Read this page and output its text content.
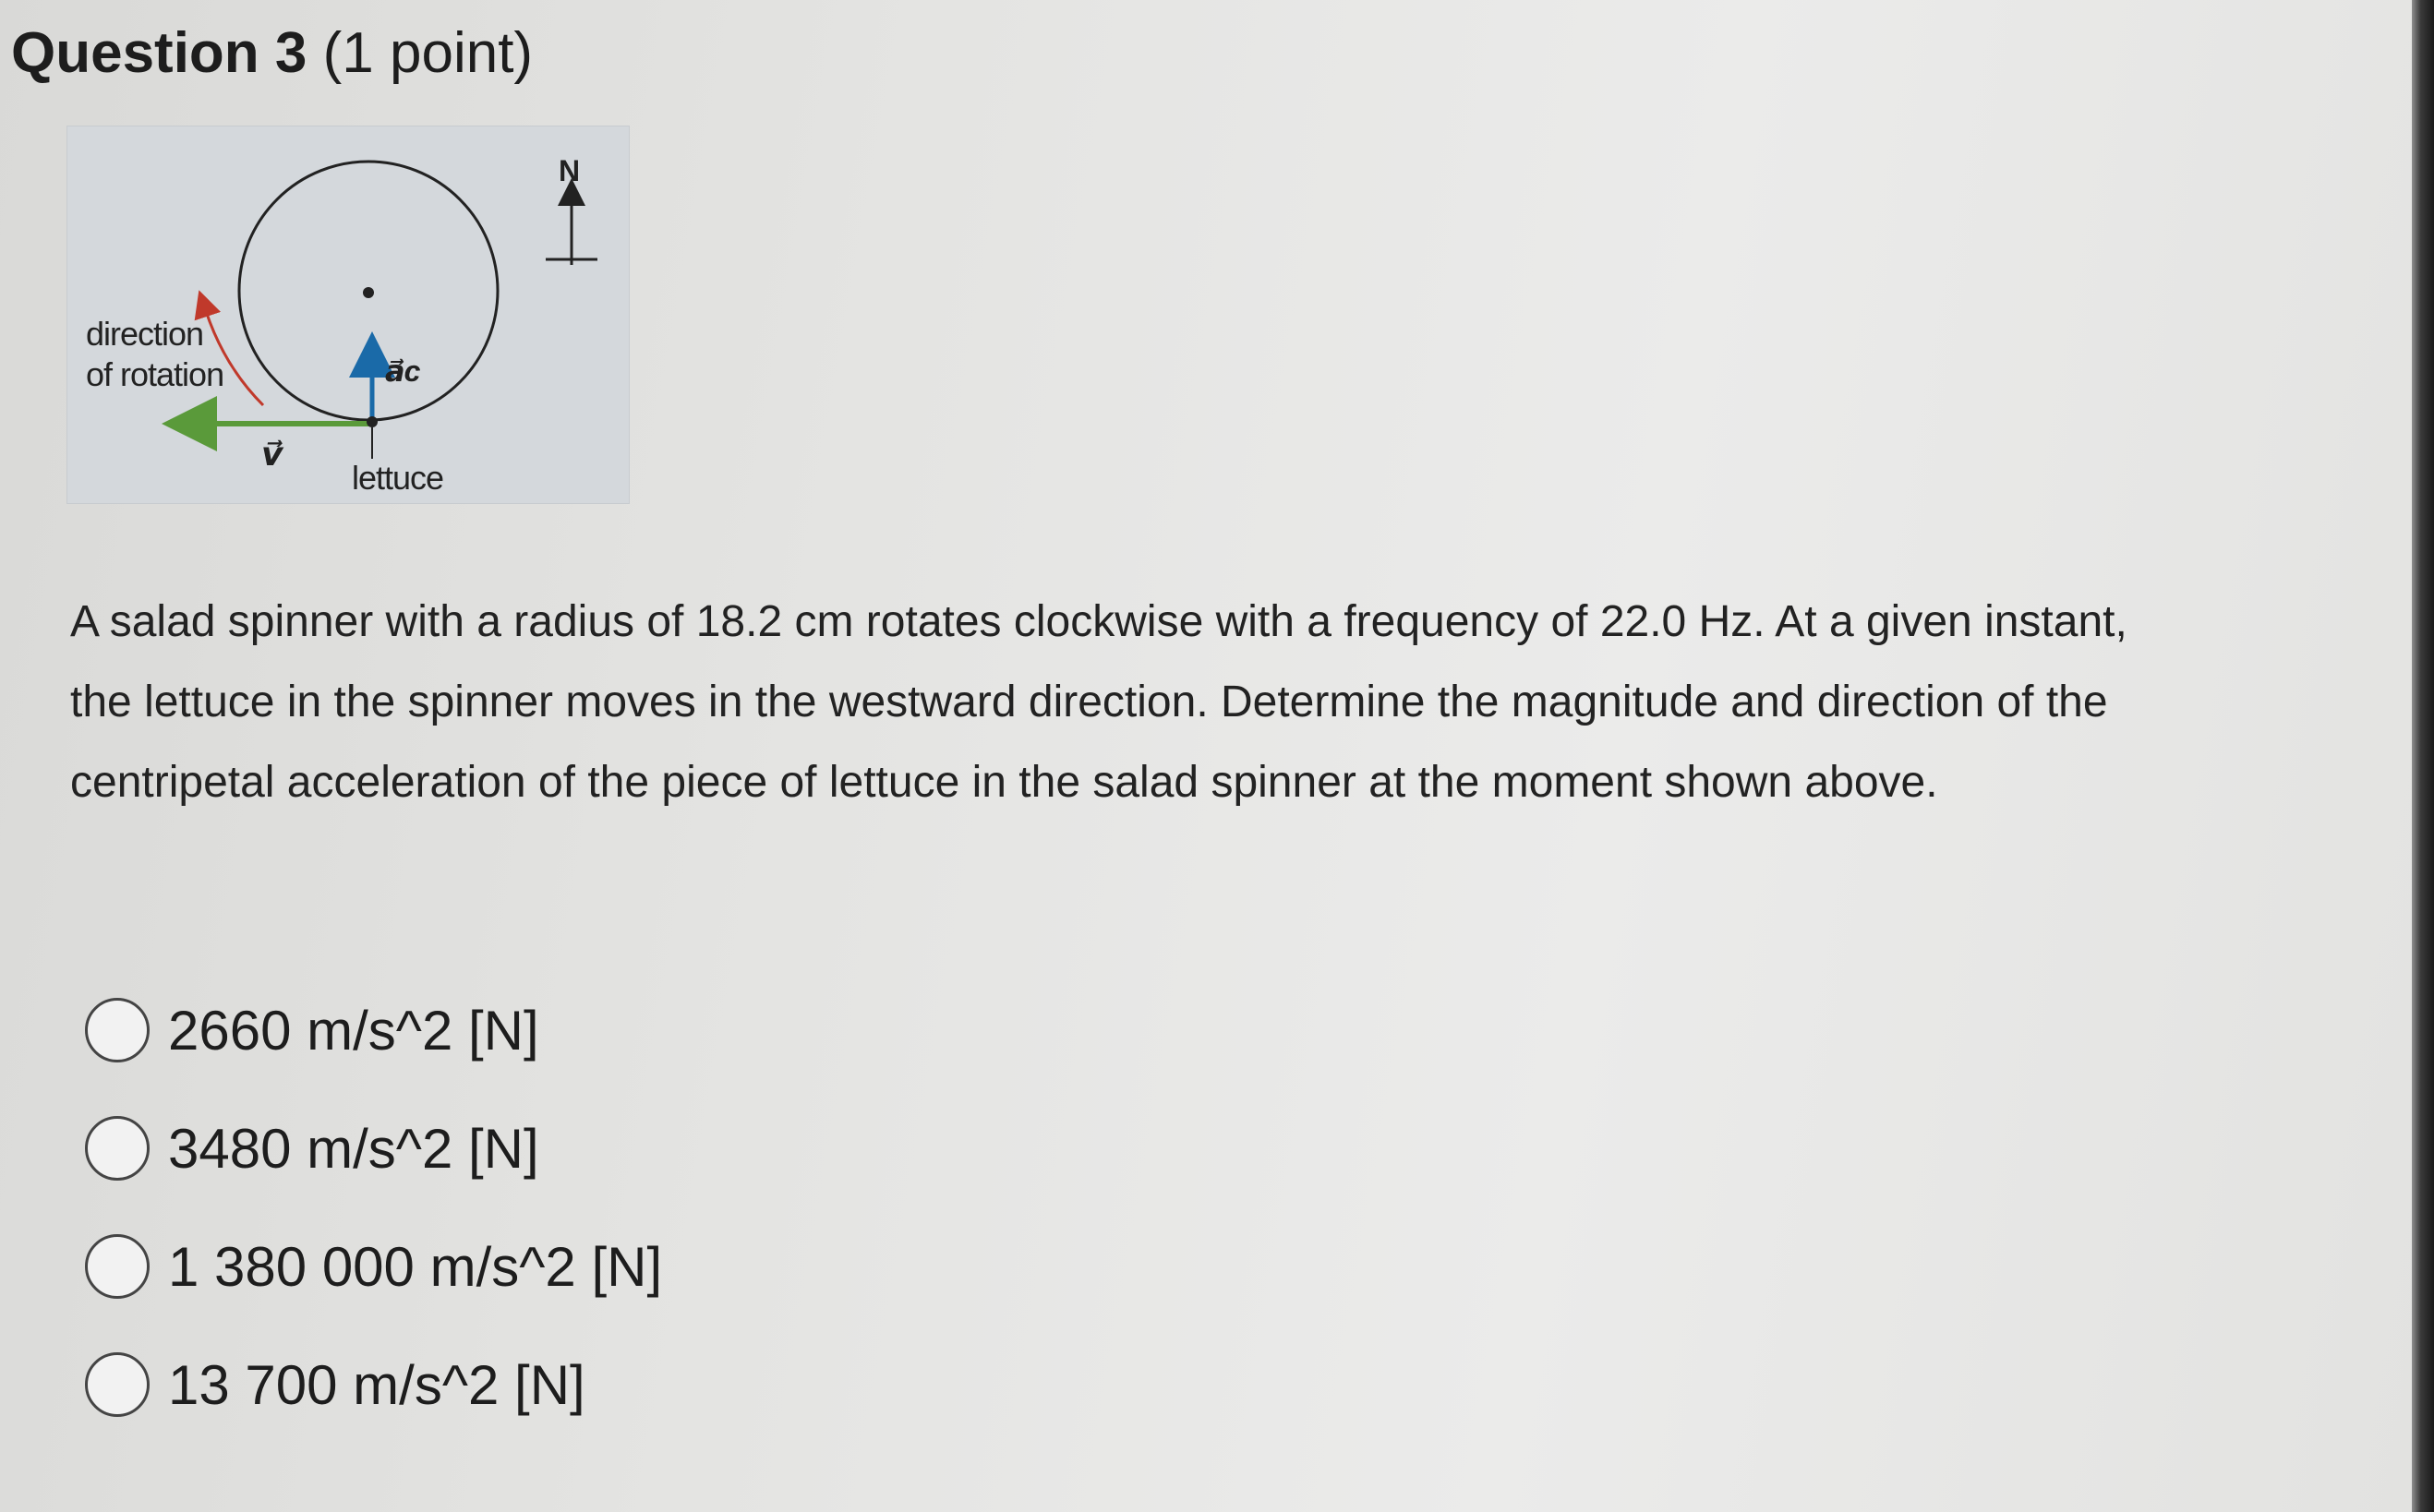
Question 3 (1 point)
direction
of rotation
v⃗
a⃗c
lettuce
N
A salad spinner with a radius of 18.2 cm rotates clockwise with a frequency of 22.0 Hz. At a given instant, the lettuce in the spinner moves in the westward direction. Determine the magnitude and direction of the centripetal acceleration of the piece of lettuce in the salad spinner at the moment shown above.
2660 m/s^2 [N]
3480 m/s^2 [N]
1 380 000 m/s^2 [N]
13 700 m/s^2 [N]
